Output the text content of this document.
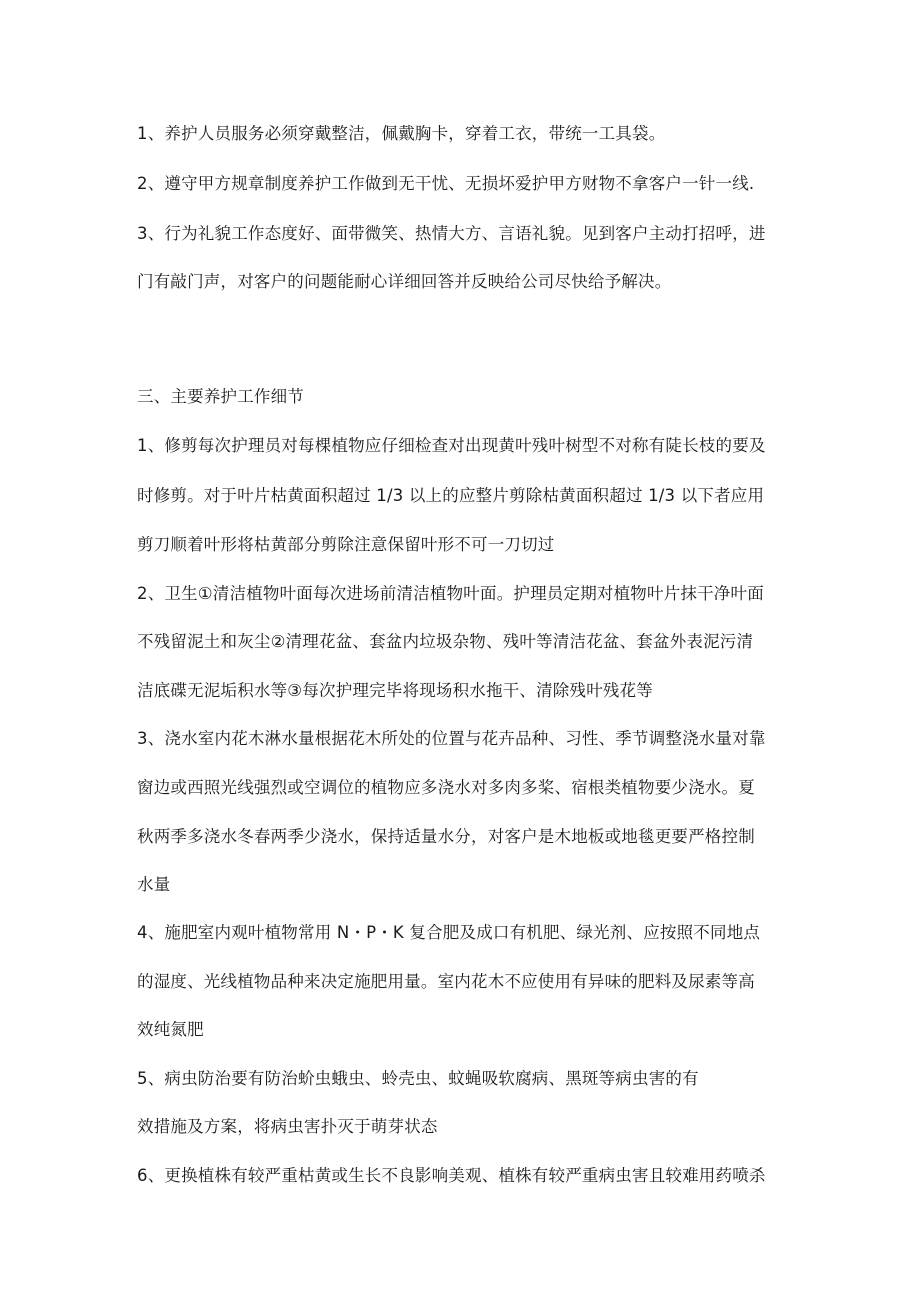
1、养护人员服务必须穿戴整洁，佩戴胸卡，穿着工衣，带统一工具袋。
2、遵守甲方规章制度养护工作做到无干忧、无损坏爱护甲方财物不拿客户一针一线.
3、行为礼貌工作态度好、面带微笑、热情大方、言语礼貌。见到客户主动打招呼，进
门有敲门声，对客户的问题能耐心详细回答并反映给公司尽快给予解决。
三、主要养护工作细节
1、修剪每次护理员对每棵植物应仔细检查对出现黄叶残叶树型不对称有陡长枝的要及
时修剪。对于叶片枯黄面积超过 1/3 以上的应整片剪除枯黄面积超过 1/3 以下者应用
剪刀顺着叶形将枯黄部分剪除注意保留叶形不可一刀切过
2、卫生①清洁植物叶面每次进场前清洁植物叶面。护理员定期对植物叶片抹干净叶面
不残留泥土和灰尘②清理花盆、套盆内垃圾杂物、残叶等清洁花盆、套盆外表泥污清
洁底碟无泥垢积水等③每次护理完毕将现场积水拖干、清除残叶残花等
3、浇水室内花木淋水量根据花木所处的位置与花卉品种、习性、季节调整浇水量对靠
窗边或西照光线强烈或空调位的植物应多浇水对多肉多桨、宿根类植物要少浇水。夏
秋两季多浇水冬春两季少浇水，保持适量水分，对客户是木地板或地毯更要严格控制
水量
4、施肥室内观叶植物常用 N・P・K 复合肥及成口有机肥、绿光剂、应按照不同地点
的湿度、光线植物品种来决定施肥用量。室内花木不应使用有异味的肥料及尿素等高
效纯氮肥
5、病虫防治要有防治蚧虫蛾虫、蛉壳虫、蚊蝇吸软腐病、黑斑等病虫害的有
效措施及方案，将病虫害扑灭于萌芽状态
6、更换植株有较严重枯黄或生长不良影响美观、植株有较严重病虫害且较难用药喷杀
